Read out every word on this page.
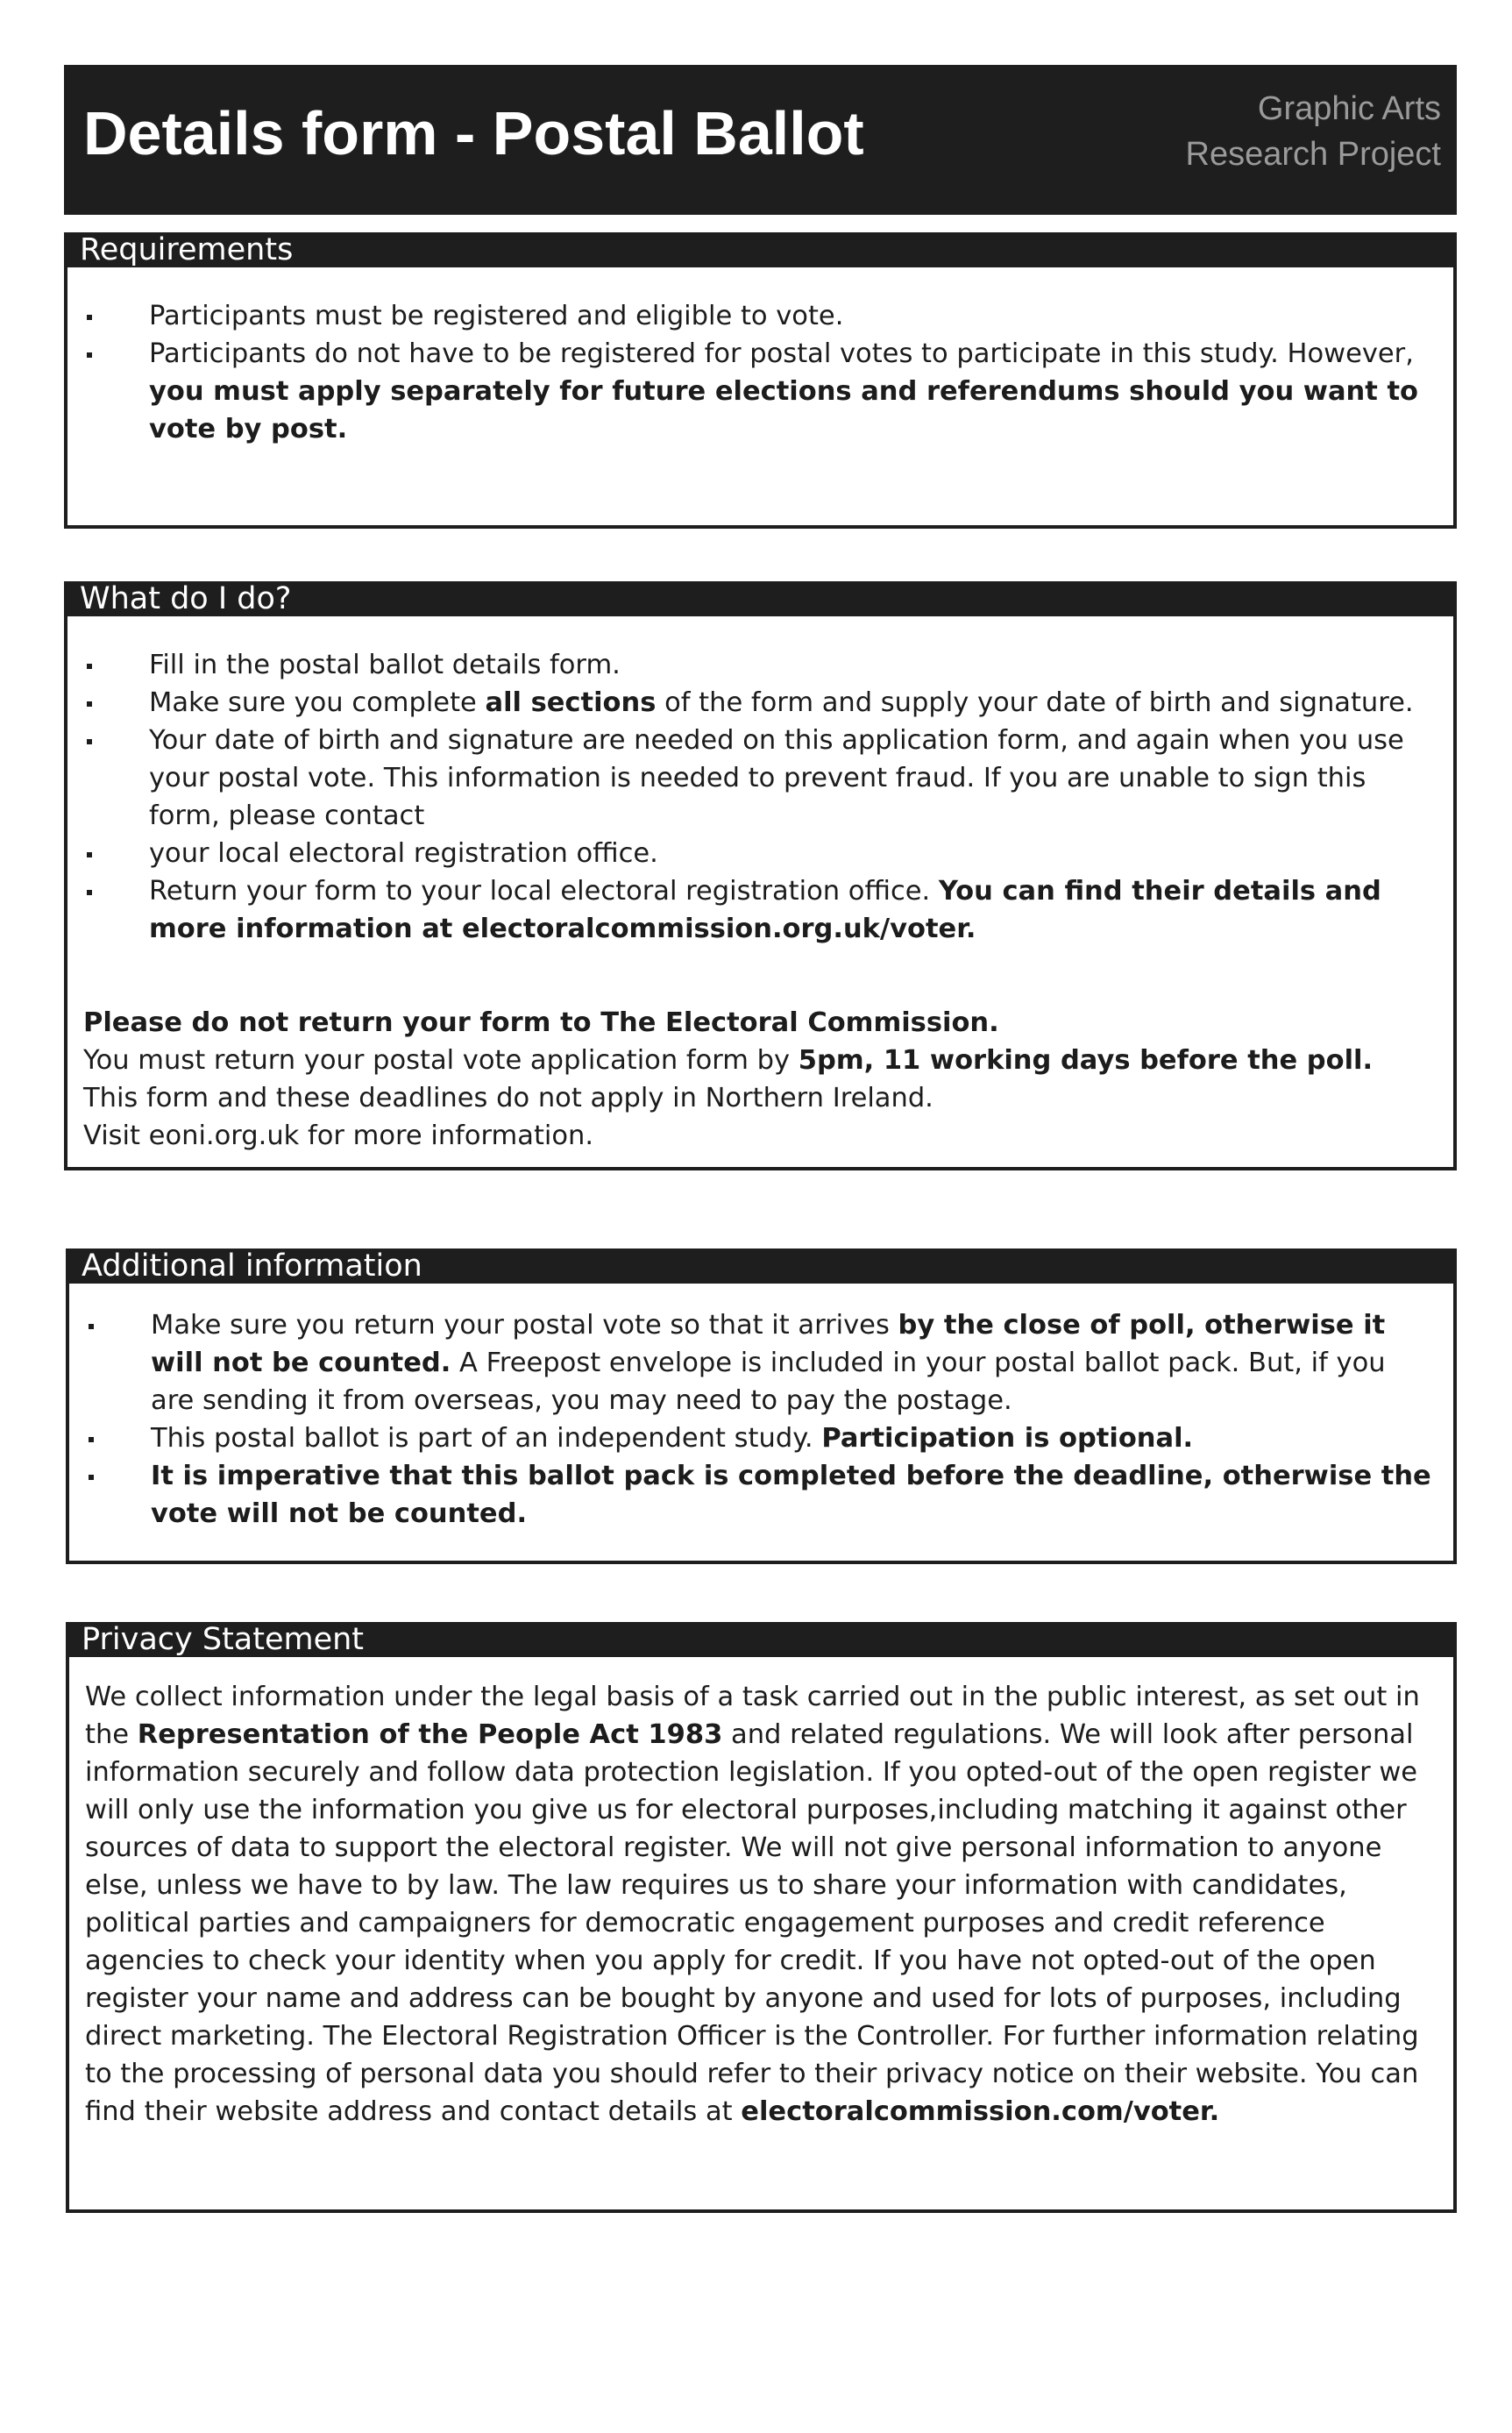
Details form - Postal Ballot	Graphic Arts
Research Project
Requirements
Participants must be registered and eligible to vote.
Participants do not have to be registered for postal votes to participate in this study. However, you must apply separately for future elections and referendums should you want to vote by post.
What do I do?
Fill in the postal ballot details form.
Make sure you complete all sections of the form and supply your date of birth and signature.
Your date of birth and signature are needed on this application form, and again when you use your postal vote. This information is needed to prevent fraud. If you are unable to sign this form, please contact
your local electoral registration office.
Return your form to your local electoral registration office. You can find their details and more information at electoralcommission.org.uk/voter.

Please do not return your form to The Electoral Commission.

You must return your postal vote application form by 5pm, 11 working days before the poll.

This form and these deadlines do not apply in Northern Ireland.

Visit eoni.org.uk for more information.

Additional information
Make sure you return your postal vote so that it arrives by the close of poll, otherwise it will not be counted. A Freepost envelope is included in your postal ballot pack. But, if you are sending it from overseas, you may need to pay the postage.
This postal ballot is part of an independent study. Participation is optional.
It is imperative that this ballot pack is completed before the deadline, otherwise the vote will not be counted.
Privacy Statement

We collect information under the legal basis of a task carried out in the public interest, as set out in the Representation of the People Act 1983 and related regulations. We will look after personal information securely and follow data protection legislation. If you opted-out of the open register we will only use the information you give us for electoral purposes,including matching it against other sources of data to support the electoral register. We will not give personal information to anyone else, unless we have to by law. The law requires us to share your information with candidates, political parties and campaigners for democratic engagement purposes and credit reference agencies to check your identity when you apply for credit. If you have not opted-out of the open register your name and address can be bought by anyone and used for lots of purposes, including direct marketing. The Electoral Registration Officer is the Controller. For further information relating to the processing of personal data you should refer to their privacy notice on their website. You can find their website address and contact details at electoralcommission.com/voter.
